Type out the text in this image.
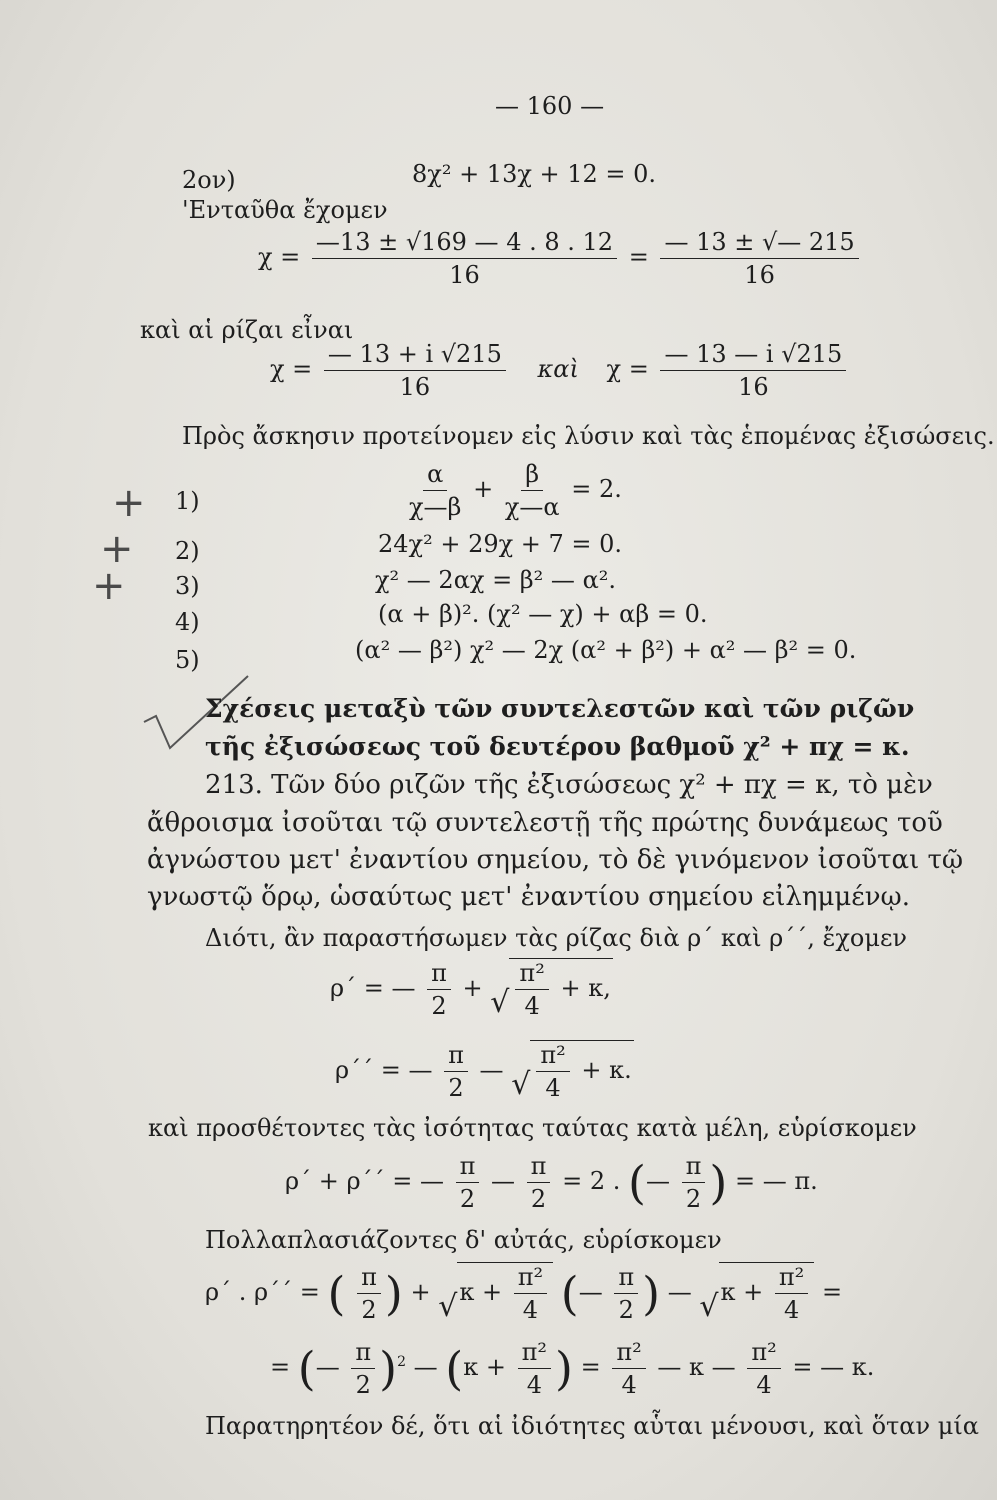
— 160 —
2ον)	8χ² + 13χ + 12 = 0.
'Ενταῦθα ἔχομεν
$\chi = \frac{—13 \pm √169 — 4 . 8 . 12}{16} = \frac{— 13 \pm √— 215}{16}$
καὶ αἱ ρίζαι εἶναι
$\chi = \frac{— 13 + i √215}{16}$ καὶ $\chi = \frac{— 13 — i √215}{16}$
Πρὸς ἄσκησιν προτείνομεν εἰς λύσιν καὶ τὰς ἑπομένας ἐξισώσεις.
+ 1)	$\frac{\alpha}{\chi—\beta} + \frac{\beta}{\chi—\alpha} = 2$.
+ 2)	24χ² + 29χ + 7 = 0.
+ 3)	χ² — 2αχ = β² — α².
4)	(α + β)². (χ² — χ) + αβ = 0.
5)	(α² — β²) χ² — 2χ (α² + β²) + α² — β² = 0.
Σχέσεις μεταξὺ τῶν συντελεστῶν καὶ τῶν ριζῶν
τῆς ἐξισώσεως τοῦ δευτέρου βαθμοῦ χ² + πχ = κ.
213. Τῶν δύο ριζῶν τῆς ἐξισώσεως χ² + πχ = κ, τὸ μὲν
ἄθροισμα ἰσοῦται τῷ συντελεστῇ τῆς πρώτης δυνάμεως τοῦ
ἀγνώστου μετ' ἐναντίου σημείου, τὸ δὲ γινόμενον ἰσοῦται τῷ
γνωστῷ ὅρῳ, ὡσαύτως μετ' ἐναντίου σημείου εἰλημμένῳ.
Διότι, ἂν παραστήσωμεν τὰς ρίζας διὰ ρ΄ καὶ ρ΄΄, ἔχομεν
ρ΄ = — $\frac{\pi}{2}$ + √ $\frac{\text{π²}}{4} + \kappa$,
ρ΄΄ = — $\frac{\pi}{2}$ — √ $\frac{\text{π²}}{4} + \kappa$.
καὶ προσθέτοντες τὰς ἰσότητας ταύτας κατὰ μέλη, εὑρίσκομεν
ρ΄ + ρ΄΄ = — $\frac{\pi}{2}$ — $\frac{\pi}{2} = 2$ . (— $\frac{\pi}{2}$ ) = — π.
Πολλαπλασιάζοντες δ' αὐτάς, εὑρίσκομεν
ρ΄ . ρ΄΄ = ( $\frac{\pi}{2}$ ) + $√\kappa + \frac{\text{π²}}{4}$ (— $\frac{\pi}{2}$ ) — $√\kappa + \frac{\text{π²}}{4}$ =
= (— $\frac{\pi}{2} )^2$ — ($\kappa + \frac{\text{π²}}{4}$ ) = $\frac{\text{π²}}{4}$ — κ — $\frac{\text{π²}}{4}$ = — κ.
Παρατηρητέον δέ, ὅτι αἱ ἰδιότητες αὗται μένουσι, καὶ ὅταν μία
